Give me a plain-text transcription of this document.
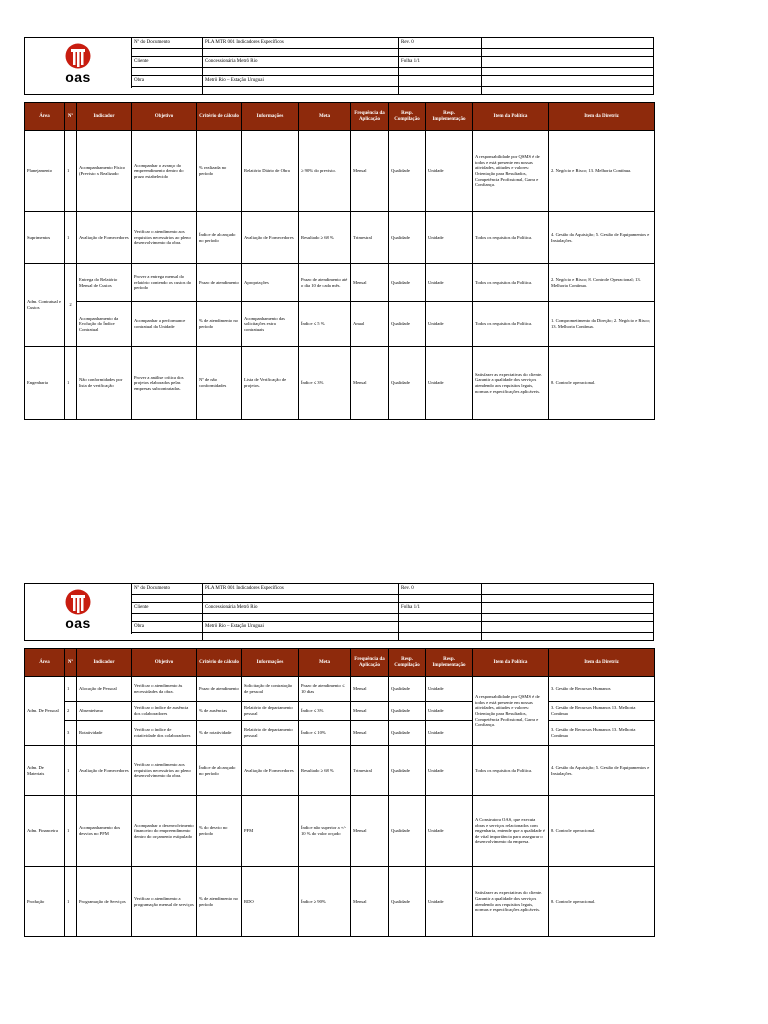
oas
Nº do Documento	PLA MTR 001 Indicadores Específicos	Rev. 0
Cliente	Concessionária Metrô Rio	Folha 1/1
Obra	Metrô Rio – Estação Uruguai
Área	Nº	Indicador	Objetivo	Critério de cálculo	Informações	Meta	Frequência da Aplicação	Resp. Compilação	Resp. Implementação	Item da Política	Item da Diretriz
Planejamento	1	Acompanhamento Físico (Previsto x Realizado	Acompanhar o avanço do empreendimento dentro do prazo estabelecido	% realizada no período	Relatório Diário de Obra	≥ 90% do previsto.	Mensal	Qualidade	Unidade	A responsabilidade por QSMS é de todos e está presente em nossas atividades, atitudes e valores: Orientação para Resultados, Competência Profissional, Garra e Confiança.	2. Negócio e Risco; 13. Melhoria Contínua.
Suprimentos	1	Avaliação de Fornecedores	Verificar o atendimento aos requisitos necessários ao pleno desenvolvimento da obra.	Índice de alcançado no período	Avaliação de Fornecedores	Resultado ≥ 68 %	Trimestral	Qualidade	Unidade	Todos os requisitos da Política.	4. Gestão da Aquisição; 5. Gestão de Equipamentos e Instalações.
Adm. Contratual e Custos	2	Entrega do Relatório Mensal de Custos	Prover a entrega mensal do relatório contendo os custos do período	Prazo de atendimento	Apropriações	Prazo de atendimento até o dia 10 de cada mês.	Mensal	Qualidade	Unidade	Todos os requisitos da Política.	2. Negócio e Risco; 8. Controle Operacional; 13. Melhoria Contínua.
		Acompanhamento da Evolução do Índice Contratual	Acompanhar a performance contratual da Unidade	% de atendimento no período	Acompanhamento das solicitações extra contratuais	Índice ≤ 5 %	Anual	Qualidade	Unidade	Todos os requisitos da Política.	1. Comprometimento da Direção; 2. Negócio e Risco; 13. Melhoria Contínua.
Engenharia	1	Não conformidades por lista de verificação	Prover a análise crítica dos projetos elaborados pelas empresas subcontratadas.	Nº de não conformidades	Lista de Verificação de projetos.	Índice ≤ 3%	Mensal	Qualidade	Unidade	Satisfazer as expectativas do cliente. Garantir a qualidade dos serviços atendendo aos requisitos legais, normas e especificações aplicáveis.	8. Controle operacional.
oas
Nº do Documento	PLA MTR 001 Indicadores Específicos	Rev. 0
Cliente	Concessionária Metrô Rio	Folha 1/1
Obra	Metrô Rio – Estação Uruguai
Área	Nº	Indicador	Objetivo	Critério de cálculo	Informações	Meta	Frequência da Aplicação	Resp. Compilação	Resp. Implementação	Item da Política	Item da Diretriz
Adm. De Pessoal	1	Alocação de Pessoal	Verificar o atendimento às necessidades da obra.	Prazo de atendimento	Solicitação de contratação de pessoal	Prazo de atendimento ≤ 10 dias	Mensal	Qualidade	Unidade	A responsabilidade por QSMS é de todos e está presente em nossas atividades, atitudes e valores: Orientação para Resultados, Competência Profissional, Garra e Confiança.	3. Gestão de Recursos Humanos
	2	Absenteísmo	Verificar o índice de ausência dos colaboradores	% de ausências	Relatório de departamento pessoal	Índice ≤ 3%	Mensal	Qualidade	Unidade		3. Gestão de Recursos Humanos 13. Melhoria Contínua
	3	Rotatividade	Verificar o índice de rotatividade dos colaboradores	% de rotatividade	Relatório de departamento pessoal	Índice ≤ 10%	Mensal	Qualidade	Unidade		3. Gestão de Recursos Humanos 13. Melhoria Contínua
Adm. De Materiais	1	Avaliação de Fornecedores	Verificar o atendimento aos requisitos necessários ao pleno desenvolvimento da obra.	Índice de alcançado no período	Avaliação de Fornecedores	Resultado ≥ 68 %	Trimestral	Qualidade	Unidade	Todos os requisitos da Política.	4. Gestão da Aquisição; 5. Gestão de Equipamentos e Instalações.
Adm. Financeira	1	Acompanhamento dos desvios no PFM	Acompanhar o desenvolvimento financeiro do empreendimento dentro do orçamento estipulado	% do desvio no período	PFM	Índice não superior a +/- 10 % do valor orçado	Mensal	Qualidade	Unidade	A Construtora OAS, que executa obras e serviços relacionados com engenharia, entende que a qualidade é de vital importância para assegurar o desenvolvimento da empresa.	8. Controle operacional.
Produção	1	Programação de Serviços	Verificar o atendimento a programação mensal de serviços	% de atendimento no período	RDO	Índice ≥ 90%	Mensal	Qualidade	Unidade	Satisfazer as expectativas do cliente. Garantir a qualidade dos serviços atendendo aos requisitos legais, normas e especificações aplicáveis.	8. Controle operacional.
